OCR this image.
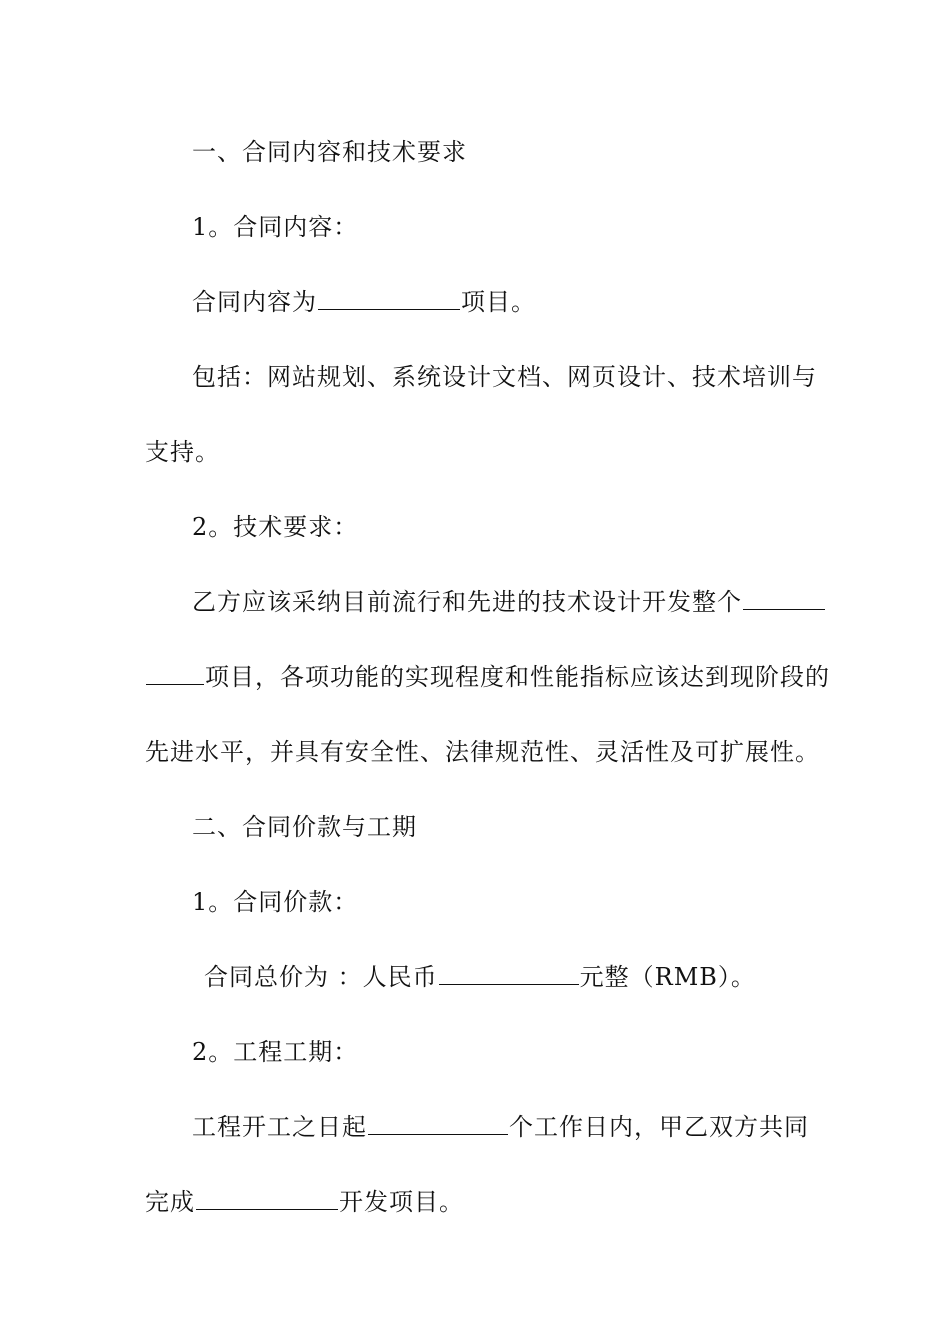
一、合同内容和技术要求
1。合同内容：
合同内容为	项目。
包括：网站规划、系统设计文档、网页设计、技术培训与
支持。
2。技术要求：
乙方应该采纳目前流行和先进的技术设计开发整个
项目，各项功能的实现程度和性能指标应该达到现阶段的
先进水平，并具有安全性、法律规范性、灵活性及可扩展性。
二、合同价款与工期
1。合同价款：
合同总价为 ：人民币	元整（RMB）。
2。工程工期：
工程开工之日起	个工作日内，甲乙双方共同
完成	开发项目。
